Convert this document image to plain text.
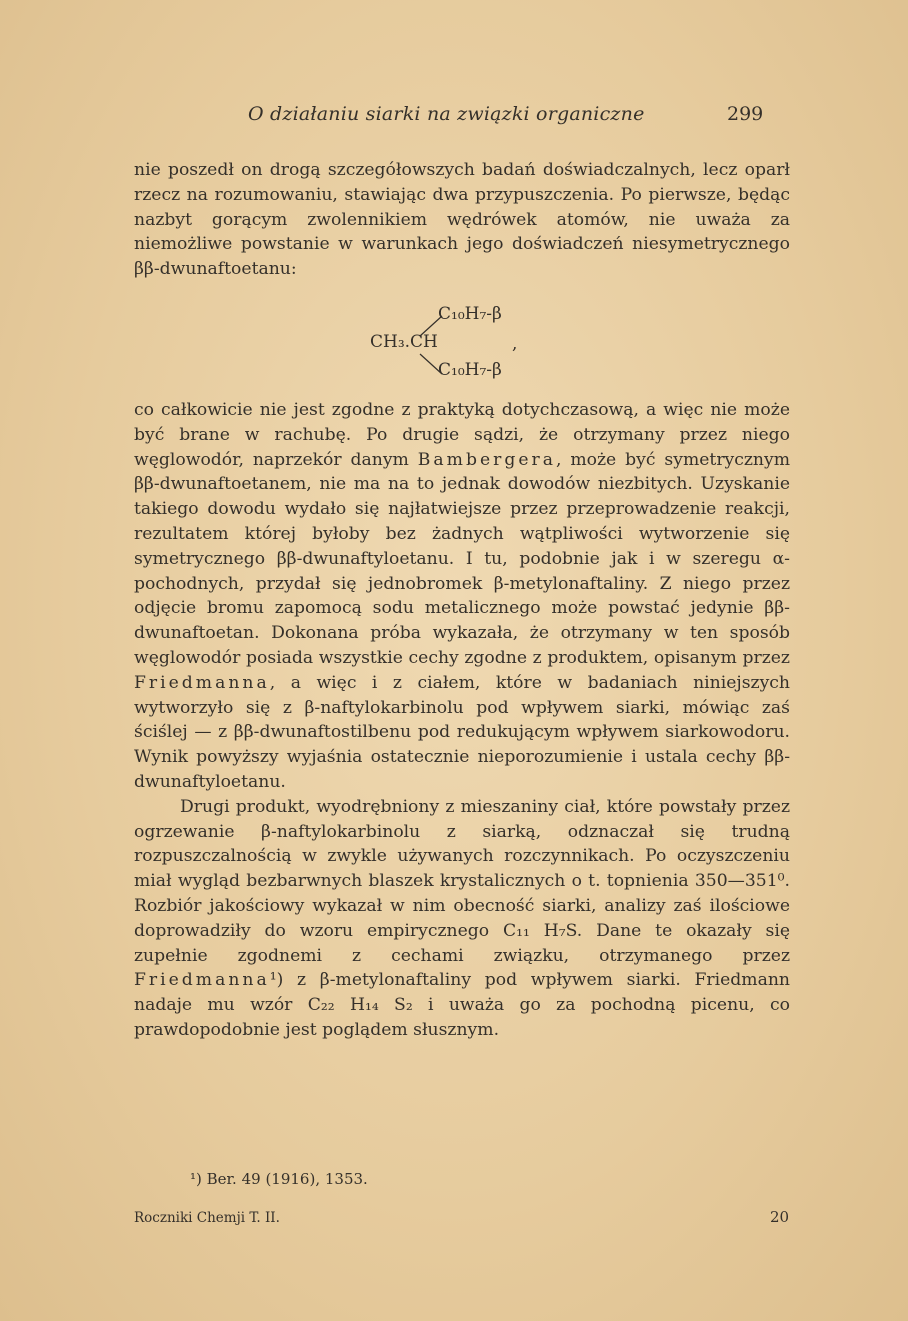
O działaniu siarki na związki organiczne	299

nie poszedł on drogą szczegółowszych badań doświadczalnych, lecz oparł rzecz na rozumowaniu, stawiając dwa przypuszczenia. Po pierwsze, będąc nazbyt gorącym zwolennikiem wędrówek atomów, nie uważa za niemożliwe powstanie w warunkach jego doświadczeń niesymetrycznego ββ-dwunaftoetanu:

C₁₀H₇-β
CH₃.CH	,
C₁₀H₇-β

co całkowicie nie jest zgodne z praktyką dotychczasową, a więc nie może być brane w rachubę. Po drugie sądzi, że otrzymany przez niego węglowodór, naprzekór danym Bambergera, może być symetrycznym ββ-dwunaftoetanem, nie ma na to jednak dowodów niezbitych. Uzyskanie takiego dowodu wydało się najłatwiejsze przez przeprowadzenie reakcji, rezultatem której byłoby bez żadnych wątpliwości wytworzenie się symetrycznego ββ-dwunaftyloetanu. I tu, podobnie jak i w szeregu α-pochodnych, przydał się jednobromek β-metylonaftaliny. Z niego przez odjęcie bromu zapomocą sodu metalicznego może powstać jedynie ββ-dwunaftoetan. Dokonana próba wykazała, że otrzymany w ten sposób węglowodór posiada wszystkie cechy zgodne z produktem, opisanym przez Friedmanna, a więc i z ciałem, które w badaniach niniejszych wytworzyło się z β-naftylokarbinolu pod wpływem siarki, mówiąc zaś ściślej — z ββ-dwunaftostilbenu pod redukującym wpływem siarkowodoru. Wynik powyższy wyjaśnia ostatecznie nieporozumienie i ustala cechy ββ-dwunaftyloetanu.

Drugi produkt, wyodrębniony z mieszaniny ciał, które powstały przez ogrzewanie β-naftylokarbinolu z siarką, odznaczał się trudną rozpuszczalnością w zwykle używanych rozczynnikach. Po oczyszczeniu miał wygląd bezbarwnych blaszek krystalicznych o t. topnienia 350—351⁰. Rozbiór jakościowy wykazał w nim obecność siarki, analizy zaś ilościowe doprowadziły do wzoru empirycznego C₁₁ H₇S. Dane te okazały się zupełnie zgodnemi z cechami związku, otrzymanego przez Friedmanna¹) z β-metylonaftaliny pod wpływem siarki. Friedmann nadaje mu wzór C₂₂ H₁₄ S₂ i uważa go za pochodną picenu, co prawdopodobnie jest poglądem słusznym.

¹) Ber. 49 (1916), 1353.
Roczniki Chemji T. II.	20
